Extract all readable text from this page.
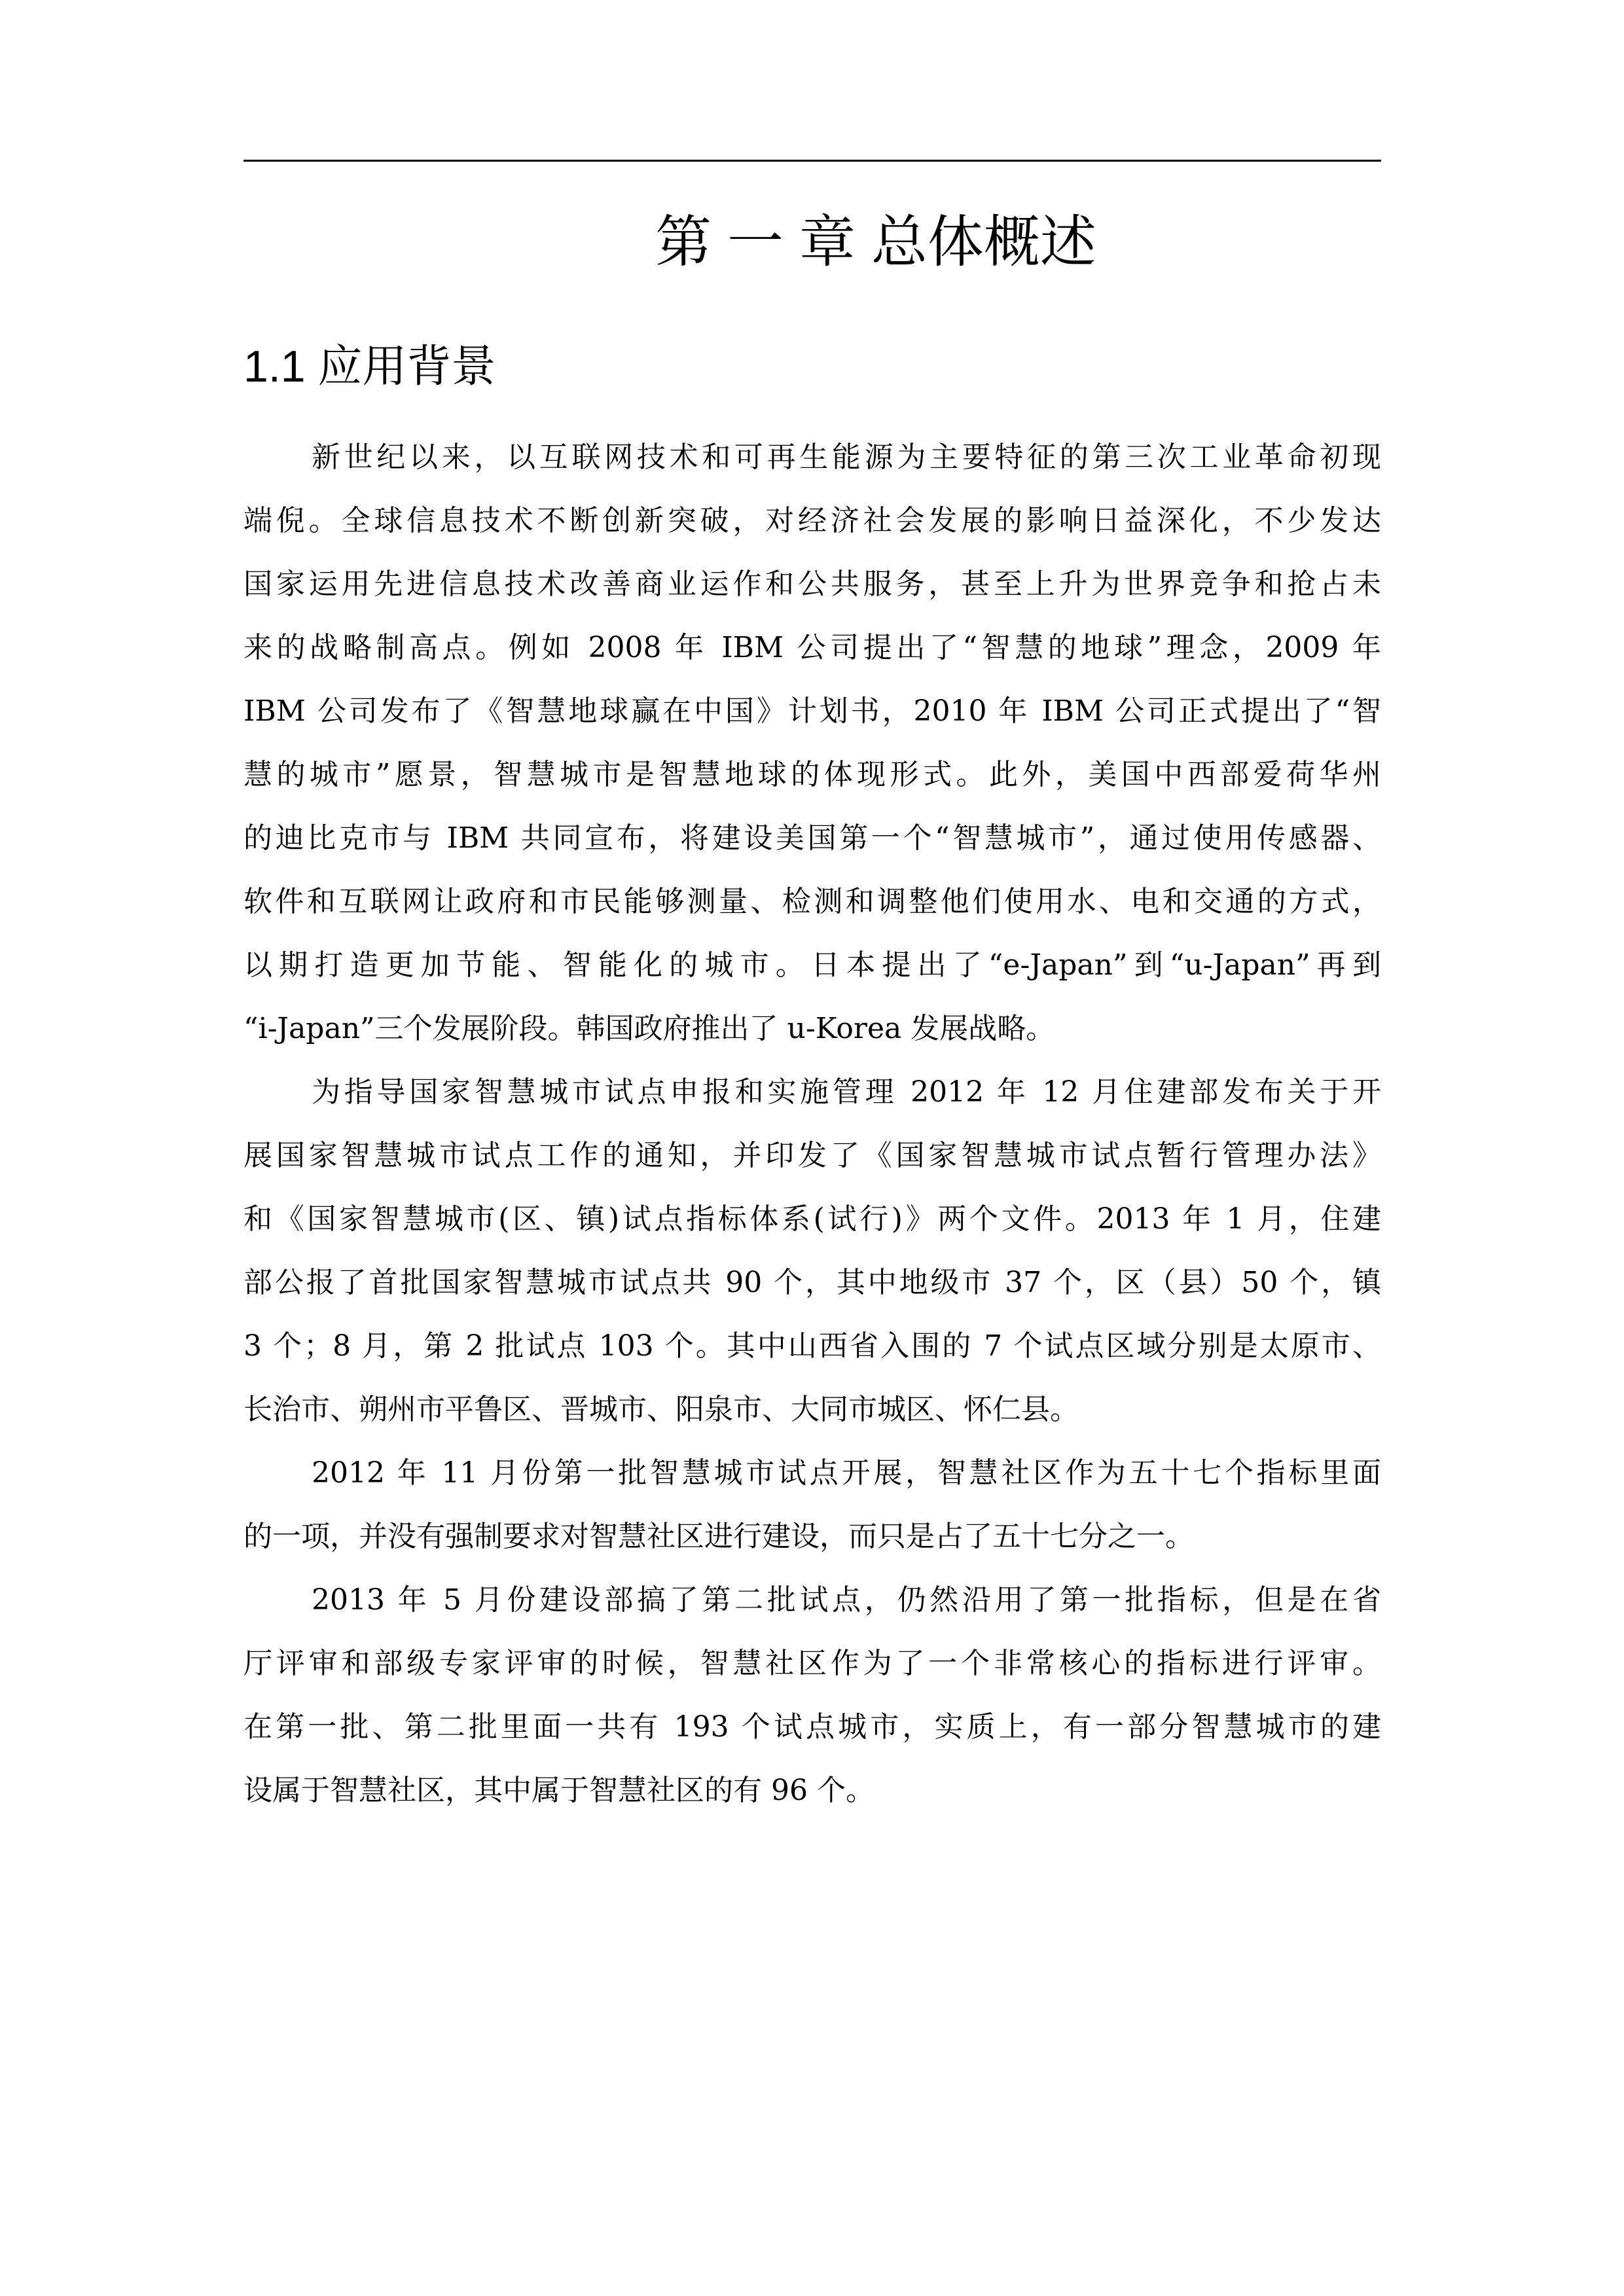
第 一 章 总体概述
1.1 应用背景
新世纪以来，以互联网技术和可再生能源为主要特征的第三次工业革命初现
端倪。全球信息技术不断创新突破，对经济社会发展的影响日益深化，不少发达
国家运用先进信息技术改善商业运作和公共服务，甚至上升为世界竞争和抢占未
来的战略制高点。例如 2008 年 IBM 公司提出了“智慧的地球”理念，2009 年
IBM 公司发布了《智慧地球赢在中国》计划书，2010 年 IBM 公司正式提出了“智
慧的城市”愿景，智慧城市是智慧地球的体现形式。此外，美国中西部爱荷华州
的迪比克市与 IBM 共同宣布，将建设美国第一个“智慧城市”，通过使用传感器、
软件和互联网让政府和市民能够测量、检测和调整他们使用水、电和交通的方式，
以期打造更加节能、智能化的城市。日本提出了“e-Japan”到“u-Japan”再到
“i-Japan”三个发展阶段。韩国政府推出了 u-Korea 发展战略。
为指导国家智慧城市试点申报和实施管理 2012 年 12 月住建部发布关于开
展国家智慧城市试点工作的通知，并印发了《国家智慧城市试点暂行管理办法》
和《国家智慧城市(区、镇)试点指标体系(试行)》两个文件。2013 年 1 月，住建
部公报了首批国家智慧城市试点共 90 个，其中地级市 37 个，区（县）50 个，镇
3 个；8 月，第 2 批试点 103 个。其中山西省入围的 7 个试点区域分别是太原市、
长治市、朔州市平鲁区、晋城市、阳泉市、大同市城区、怀仁县。
2012 年 11 月份第一批智慧城市试点开展，智慧社区作为五十七个指标里面
的一项，并没有强制要求对智慧社区进行建设，而只是占了五十七分之一。
2013 年 5 月份建设部搞了第二批试点，仍然沿用了第一批指标，但是在省
厅评审和部级专家评审的时候，智慧社区作为了一个非常核心的指标进行评审。
在第一批、第二批里面一共有 193 个试点城市，实质上，有一部分智慧城市的建
设属于智慧社区，其中属于智慧社区的有 96 个。
